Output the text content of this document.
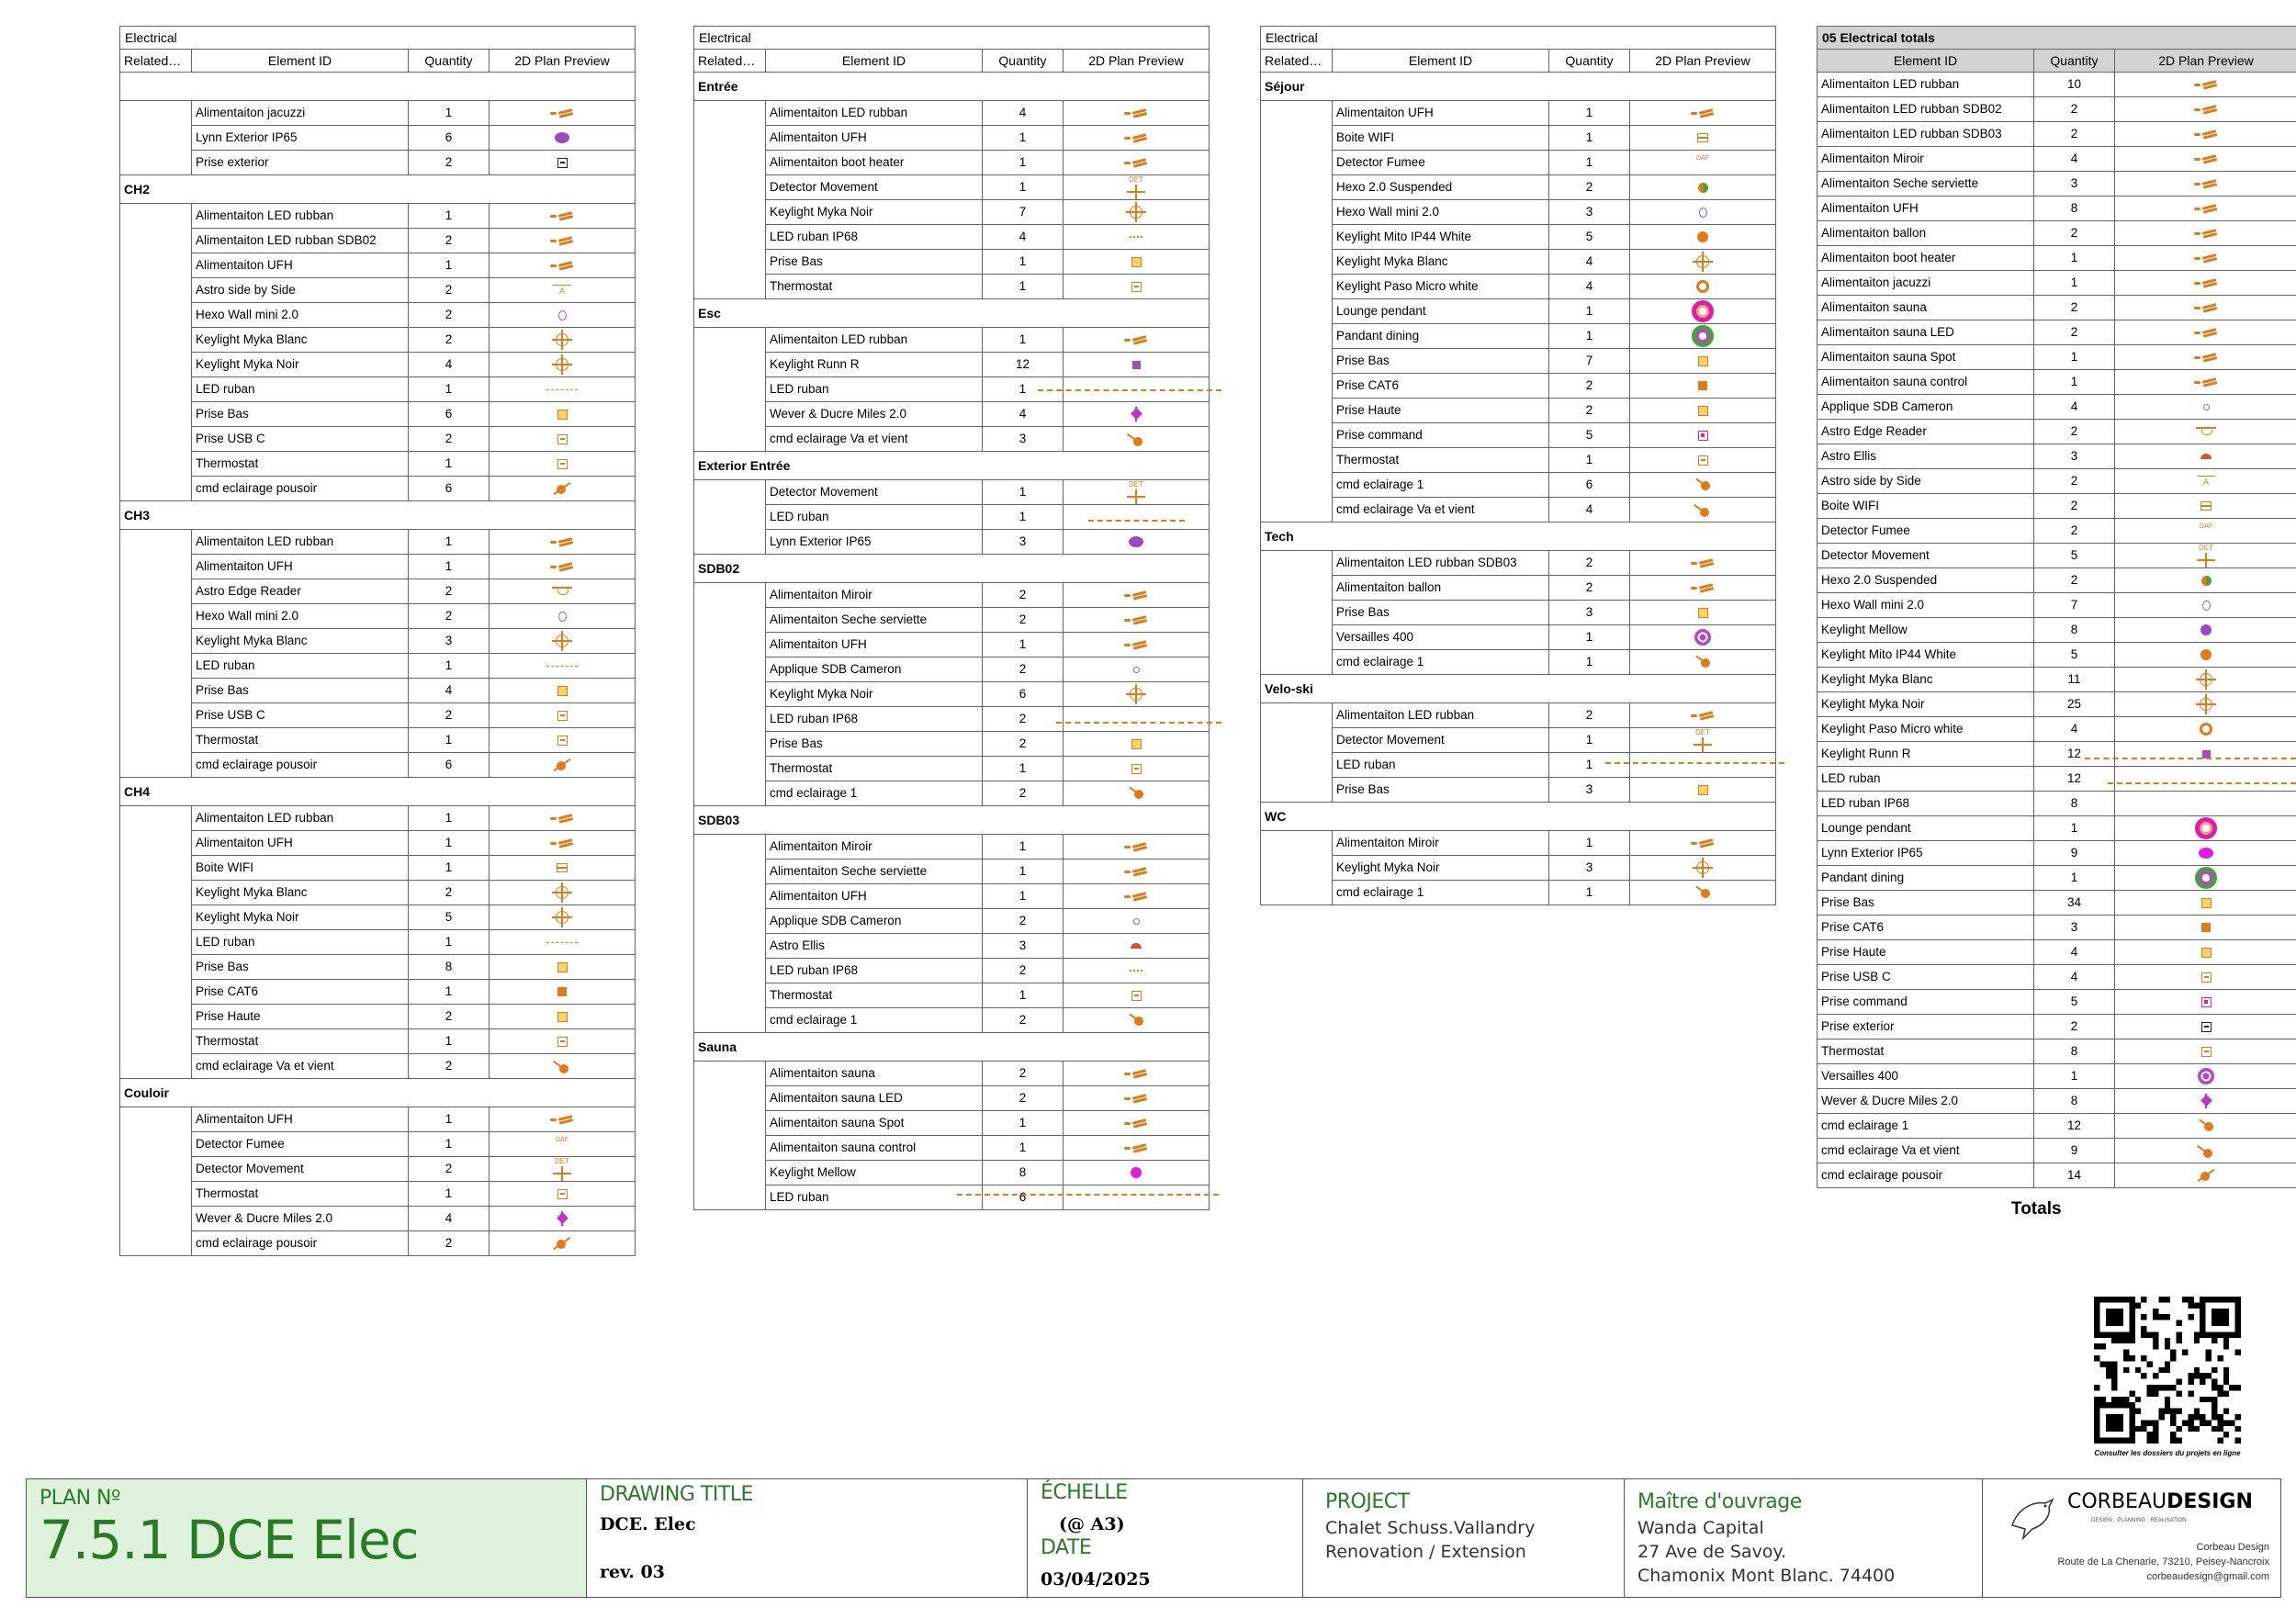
Electrical
Related…	Element ID	Quantity	2D Plan Preview
Alimentaiton jacuzzi	1
Lynn Exterior IP65	6
Prise exterior	2
CH2
Alimentaiton LED rubban	1
Alimentaiton LED rubban SDB02	2
Alimentaiton UFH	1
Astro side by Side	2	A
Hexo Wall mini 2.0	2
Keylight Myka Blanc	2
Keylight Myka Noir	4
LED ruban	1
Prise Bas	6
Prise USB C	2
Thermostat	1
cmd eclairage pousoir	6
CH3
Alimentaiton LED rubban	1
Alimentaiton UFH	1
Astro Edge Reader	2
Hexo Wall mini 2.0	2
Keylight Myka Blanc	3
LED ruban	1
Prise Bas	4
Prise USB C	2
Thermostat	1
cmd eclairage pousoir	6
CH4
Alimentaiton LED rubban	1
Alimentaiton UFH	1
Boite WIFI	1
Keylight Myka Blanc	2
Keylight Myka Noir	5
LED ruban	1
Prise Bas	8
Prise CAT6	1
Prise Haute	2
Thermostat	1
cmd eclairage Va et vient	2
Couloir
Alimentaiton UFH	1
Detector Fumee	1	DAF
Detector Movement	2
DET
Thermostat	1
Wever & Ducre Miles 2.0	4
cmd eclairage pousoir	2
Electrical
Related…	Element ID	Quantity	2D Plan Preview
Entrée
Alimentaiton LED rubban	4
Alimentaiton UFH	1
Alimentaiton boot heater	1
Detector Movement	1
DET
Keylight Myka Noir	7
LED ruban IP68	4
Prise Bas	1
Thermostat	1
Esc
Alimentaiton LED rubban	1
Keylight Runn R	12
LED ruban	1
Wever & Ducre Miles 2.0	4
cmd eclairage Va et vient	3
Exterior Entrée
Detector Movement	1
DET
LED ruban	1
Lynn Exterior IP65	3
SDB02
Alimentaiton Miroir	2
Alimentaiton Seche serviette	2
Alimentaiton UFH	1
Applique SDB Cameron	2
Keylight Myka Noir	6
LED ruban IP68	2
Prise Bas	2
Thermostat	1
cmd eclairage 1	2
SDB03
Alimentaiton Miroir	1
Alimentaiton Seche serviette	1
Alimentaiton UFH	1
Applique SDB Cameron	2
Astro Ellis	3
LED ruban IP68	2
Thermostat	1
cmd eclairage 1	2
Sauna
Alimentaiton sauna	2
Alimentaiton sauna LED	2
Alimentaiton sauna Spot	1
Alimentaiton sauna control	1
Keylight Mellow	8
LED ruban	6
Electrical
Related…	Element ID	Quantity	2D Plan Preview
Séjour
Alimentaiton UFH	1
Boite WIFI	1
Detector Fumee	1	DAF
Hexo 2.0 Suspended	2
Hexo Wall mini 2.0	3
Keylight Mito IP44 White	5
Keylight Myka Blanc	4
Keylight Paso Micro white	4
Lounge pendant	1
Pandant dining	1
Prise Bas	7
Prise CAT6	2
Prise Haute	2
Prise command	5
Thermostat	1
cmd eclairage 1	6
cmd eclairage Va et vient	4
Tech
Alimentaiton LED rubban SDB03	2
Alimentaiton ballon	2
Prise Bas	3
Versailles 400	1
cmd eclairage 1	1
Velo-ski
Alimentaiton LED rubban	2
Detector Movement	1
DET
LED ruban	1
Prise Bas	3
WC
Alimentaiton Miroir	1
Keylight Myka Noir	3
cmd eclairage 1	1
05 Electrical totals
Element ID	Quantity	2D Plan Preview
Alimentaiton LED rubban	10
Alimentaiton LED rubban SDB02	2
Alimentaiton LED rubban SDB03	2
Alimentaiton Miroir	4
Alimentaiton Seche serviette	3
Alimentaiton UFH	8
Alimentaiton ballon	2
Alimentaiton boot heater	1
Alimentaiton jacuzzi	1
Alimentaiton sauna	2
Alimentaiton sauna LED	2
Alimentaiton sauna Spot	1
Alimentaiton sauna control	1
Applique SDB Cameron	4
Astro Edge Reader	2
Astro Ellis	3
Astro side by Side	2	A
Boite WIFI	2
Detector Fumee	2	DAF
Detector Movement	5
DET
Hexo 2.0 Suspended	2
Hexo Wall mini 2.0	7
Keylight Mellow	8
Keylight Mito IP44 White	5
Keylight Myka Blanc	11
Keylight Myka Noir	25
Keylight Paso Micro white	4
Keylight Runn R	12
LED ruban	12
LED ruban IP68	8
Lounge pendant	1
Lynn Exterior IP65	9
Pandant dining	1
Prise Bas	34
Prise CAT6	3
Prise Haute	4
Prise USB C	4
Prise command	5
Prise exterior	2
Thermostat	8
Versailles 400	1
Wever & Ducre Miles 2.0	8
cmd eclairage 1	12
cmd eclairage Va et vient	9
cmd eclairage pousoir	14
Totals
Consulter les dossiers du projets en ligne
PLAN Nº
7.5.1 DCE Elec
DRAWING TITLE
DCE. Elec
rev. 03
ÉCHELLE
(@ A3)
DATE
03/04/2025
PROJECT
Chalet Schuss.Vallandry
Renovation / Extension
Maître d'ouvrage
Wanda Capital
27 Ave de Savoy.
Chamonix Mont Blanc. 74400
CORBEAUDESIGN
DESIGN · PLANNING · REALISATION
Corbeau Design
Route de La Chenarie, 73210, Peisey-Nancroix
corbeaudesign@gmail.com
